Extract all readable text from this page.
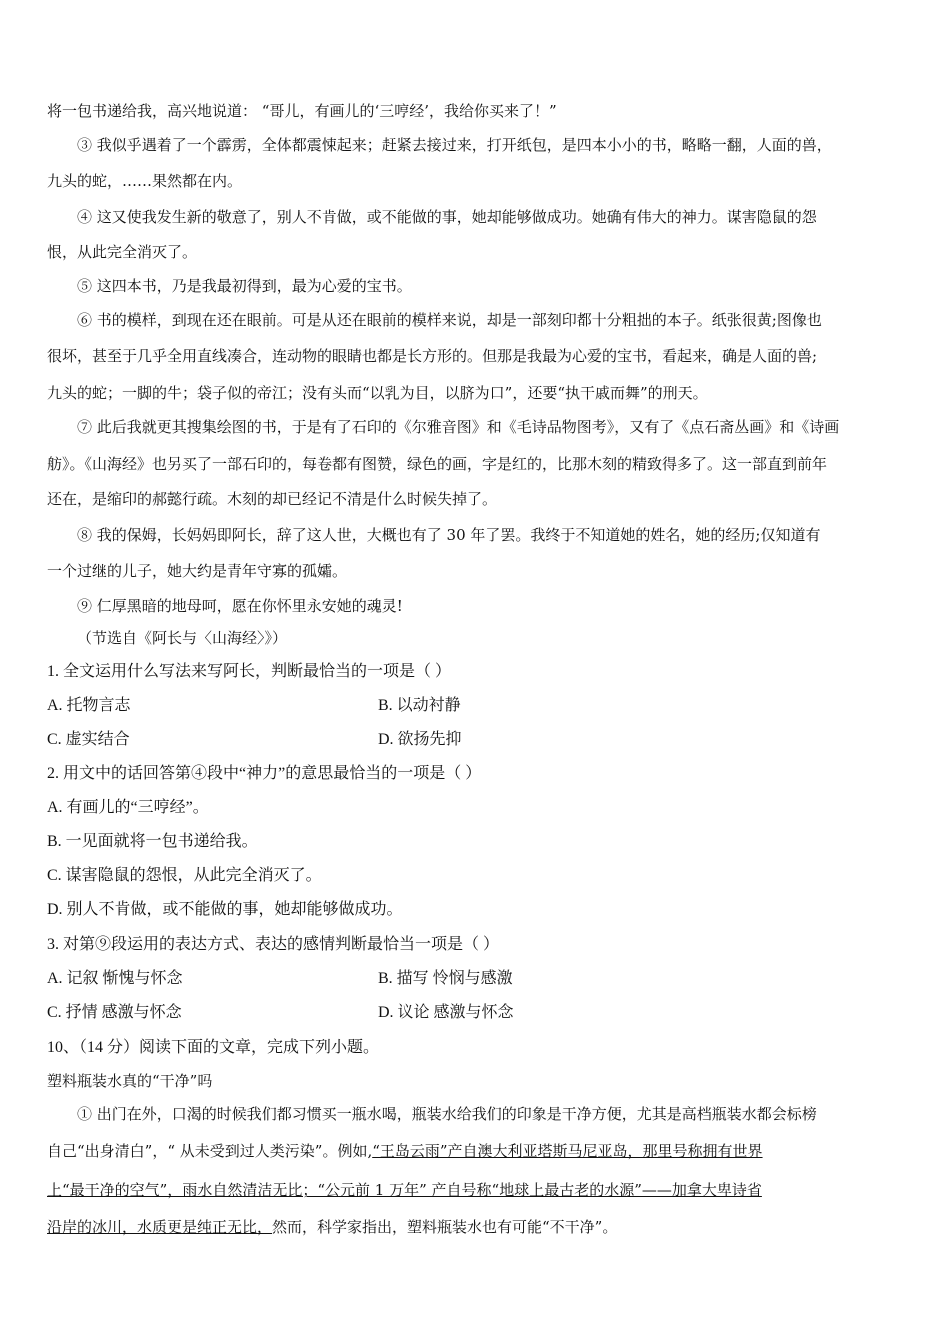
将一包书递给我，高兴地说道： “哥儿，有画儿的‘三哼经’，我给你买来了！”
③ 我似乎遇着了一个霹雳，全体都震悚起来；赶紧去接过来，打开纸包，是四本小小的书，略略一翻，人面的兽，
九头的蛇，……果然都在内。
④ 这又使我发生新的敬意了，别人不肯做，或不能做的事，她却能够做成功。她确有伟大的神力。谋害隐鼠的怨
恨，从此完全消灭了。
⑤ 这四本书，乃是我最初得到，最为心爱的宝书。
⑥ 书的模样，到现在还在眼前。可是从还在眼前的模样来说，却是一部刻印都十分粗拙的本子。纸张很黄;图像也
很坏，甚至于几乎全用直线凑合，连动物的眼睛也都是长方形的。但那是我最为心爱的宝书，看起来，确是人面的兽;
九头的蛇；一脚的牛；袋子似的帝江；没有头而“以乳为目，以脐为口”，还要“执干戚而舞”的刑天。
⑦ 此后我就更其搜集绘图的书，于是有了石印的《尔雅音图》和《毛诗品物图考》，又有了《点石斋丛画》和《诗画
舫》。《山海经》也另买了一部石印的，每卷都有图赞，绿色的画，字是红的，比那木刻的精致得多了。这一部直到前年
还在，是缩印的郝懿行疏。木刻的却已经记不清是什么时候失掉了。
⑧ 我的保姆，长妈妈即阿长，辞了这人世，大概也有了 30 年了罢。我终于不知道她的姓名，她的经历;仅知道有
一个过继的儿子，她大约是青年守寡的孤孀。
⑨ 仁厚黑暗的地母呵，愿在你怀里永安她的魂灵!
（节选自《阿长与〈山海经〉》）
1. 全文运用什么写法来写阿长，判断最恰当的一项是（ ）
A. 托物言志	B. 以动衬静
C. 虚实结合	D. 欲扬先抑
2. 用文中的话回答第④段中“神力”的意思最恰当的一项是（ ）
A. 有画儿的“三哼经”。
B. 一见面就将一包书递给我。
C. 谋害隐鼠的怨恨，从此完全消灭了。
D. 别人不肯做，或不能做的事，她却能够做成功。
3. 对第⑨段运用的表达方式、表达的感情判断最恰当一项是（ ）
A. 记叙 惭愧与怀念	B. 描写 怜悯与感激
C. 抒情 感激与怀念	D. 议论 感激与怀念
10、（14 分）阅读下面的文章，完成下列小题。
塑料瓶装水真的“干净”吗
① 出门在外，口渴的时候我们都习惯买一瓶水喝，瓶装水给我们的印象是干净方便，尤其是高档瓶装水都会标榜
自己“出身清白”，“ 从未受到过人类污染”。例如,“王岛云雨”产自澳大利亚塔斯马尼亚岛，那里号称拥有世界
上“最干净的空气”，雨水自然清洁无比；“公元前 1 万年” 产自号称“地球上最古老的水源”——加拿大卑诗省
沿岸的冰川，水质更是纯正无比，然而，科学家指出，塑料瓶装水也有可能“不干净”。
